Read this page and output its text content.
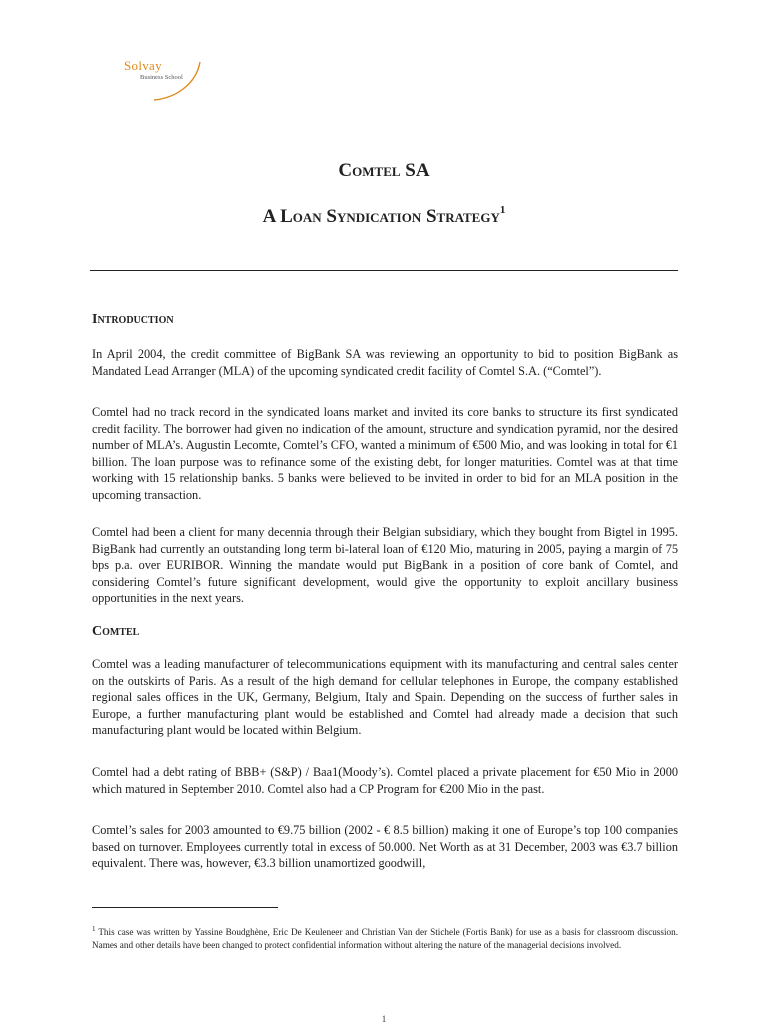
Solvay
Business School
Comtel SA
A Loan Syndication Strategy$^1$
Introduction

In April 2004, the credit committee of BigBank SA was reviewing an opportunity to bid to position BigBank as Mandated Lead Arranger (MLA) of the upcoming syndicated credit facility of Comtel S.A. (“Comtel”).

Comtel had no track record in the syndicated loans market and invited its core banks to structure its first syndicated credit facility. The borrower had given no indication of the amount, structure and syndication pyramid, nor the desired number of MLA’s. Augustin Lecomte, Comtel’s CFO, wanted a minimum of €500 Mio, and was looking in total for €1 billion. The loan purpose was to refinance some of the existing debt, for longer maturities. Comtel was at that time working with 15 relationship banks. 5 banks were believed to be invited in order to bid for an MLA position in the upcoming transaction.

Comtel had been a client for many decennia through their Belgian subsidiary, which they bought from Bigtel in 1995. BigBank had currently an outstanding long term bi-lateral loan of €120 Mio, maturing in 2005, paying a margin of 75 bps p.a. over EURIBOR. Winning the mandate would put BigBank in a position of core bank of Comtel, and considering Comtel’s future significant development, would give the opportunity to exploit ancillary business opportunities in the next years.

Comtel

Comtel was a leading manufacturer of telecommunications equipment with its manufacturing and central sales center on the outskirts of Paris. As a result of the high demand for cellular telephones in Europe, the company established regional sales offices in the UK, Germany, Belgium, Italy and Spain. Depending on the success of further sales in Europe, a further manufacturing plant would be established and Comtel had already made a decision that such manufacturing plant would be located within Belgium.

Comtel had a debt rating of BBB+ (S&P) / Baa1(Moody’s). Comtel placed a private placement for €50 Mio in 2000 which matured in September 2010. Comtel also had a CP Program for €200 Mio in the past.

Comtel’s sales for 2003 amounted to €9.75 billion (2002 - € 8.5 billion) making it one of Europe’s top 100 companies based on turnover. Employees currently total in excess of 50.000. Net Worth as at 31 December, 2003 was €3.7 billion equivalent. There was, however, €3.3 billion unamortized goodwill,

$^1$ This case was written by Yassine Boudghène, Eric De Keuleneer and Christian Van der Stichele (Fortis Bank) for use as a basis for classroom discussion. Names and other details have been changed to protect confidential information without altering the nature of the managerial decisions involved.
1
